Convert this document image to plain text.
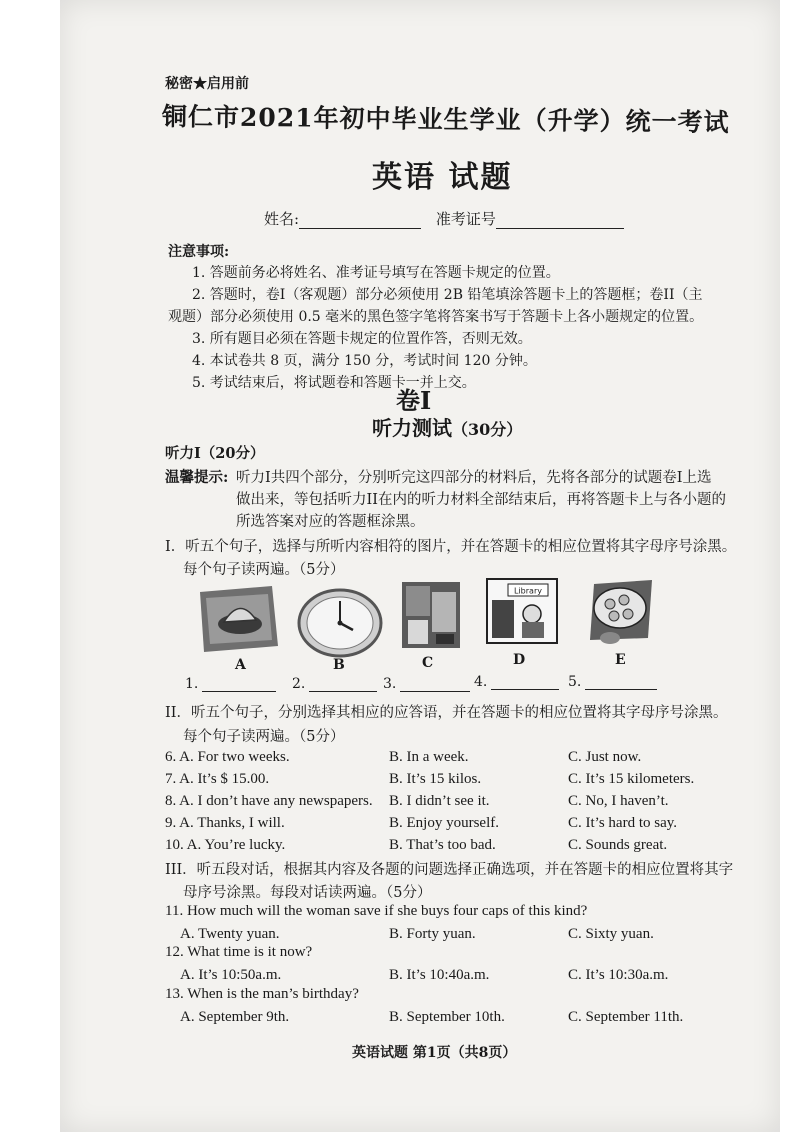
秘密★启用前
铜仁市2021年初中毕业生学业（升学）统一考试
英语 试题
姓名:	准考证号
注意事项:
1. 答题前务必将姓名、准考证号填写在答题卡规定的位置。
2. 答题时，卷I（客观题）部分必须使用 2B 铅笔填涂答题卡上的答题框；卷II（主
观题）部分必须使用 0.5 毫米的黑色签字笔将答案书写于答题卡上各小题规定的位置。
3. 所有题目必须在答题卡规定的位置作答，否则无效。
4. 本试卷共 8 页，满分 150 分，考试时间 120 分钟。
5. 考试结束后，将试题卷和答题卡一并上交。
卷I
听力测试（30分）
听力I（20分）
温馨提示: 听力I共四个部分，分别听完这四部分的材料后，先将各部分的试题卷I上选
做出来，等包括听力II在内的听力材料全部结束后，再将答题卡上与各小题的
所选答案对应的答题框涂黑。
I．听五个句子，选择与所听内容相符的图片，并在答题卡的相应位置将其字母序号涂黑。
每个句子读两遍。（5分）
Library
A	B	C	D	E
1.	2.	3.	4.	5.
II．听五个句子，分别选择其相应的应答语，并在答题卡的相应位置将其字母序号涂黑。
每个句子读两遍。（5分）
6. A. For two weeks.	B. In a week.	C. Just now.
7. A. It’s $ 15.00.	B. It’s 15 kilos.	C. It’s 15 kilometers.
8. A. I don’t have any newspapers. B. I didn’t see it.	C. No, I haven’t.
9. A. Thanks, I will.	B. Enjoy yourself.	C. It’s hard to say.
10. A. You’re lucky.	B. That’s too bad.	C. Sounds great.
III．听五段对话，根据其内容及各题的问题选择正确选项，并在答题卡的相应位置将其字
母序号涂黑。每段对话读两遍。（5分）
11. How much will the woman save if she buys four caps of this kind?
A. Twenty yuan.	B. Forty yuan.	C. Sixty yuan.
12. What time is it now?
A. It’s 10:50a.m.	B. It’s 10:40a.m.	C. It’s 10:30a.m.
13. When is the man’s birthday?
A. September 9th.	B. September 10th.	C. September 11th.
英语试题 第1页（共8页）
